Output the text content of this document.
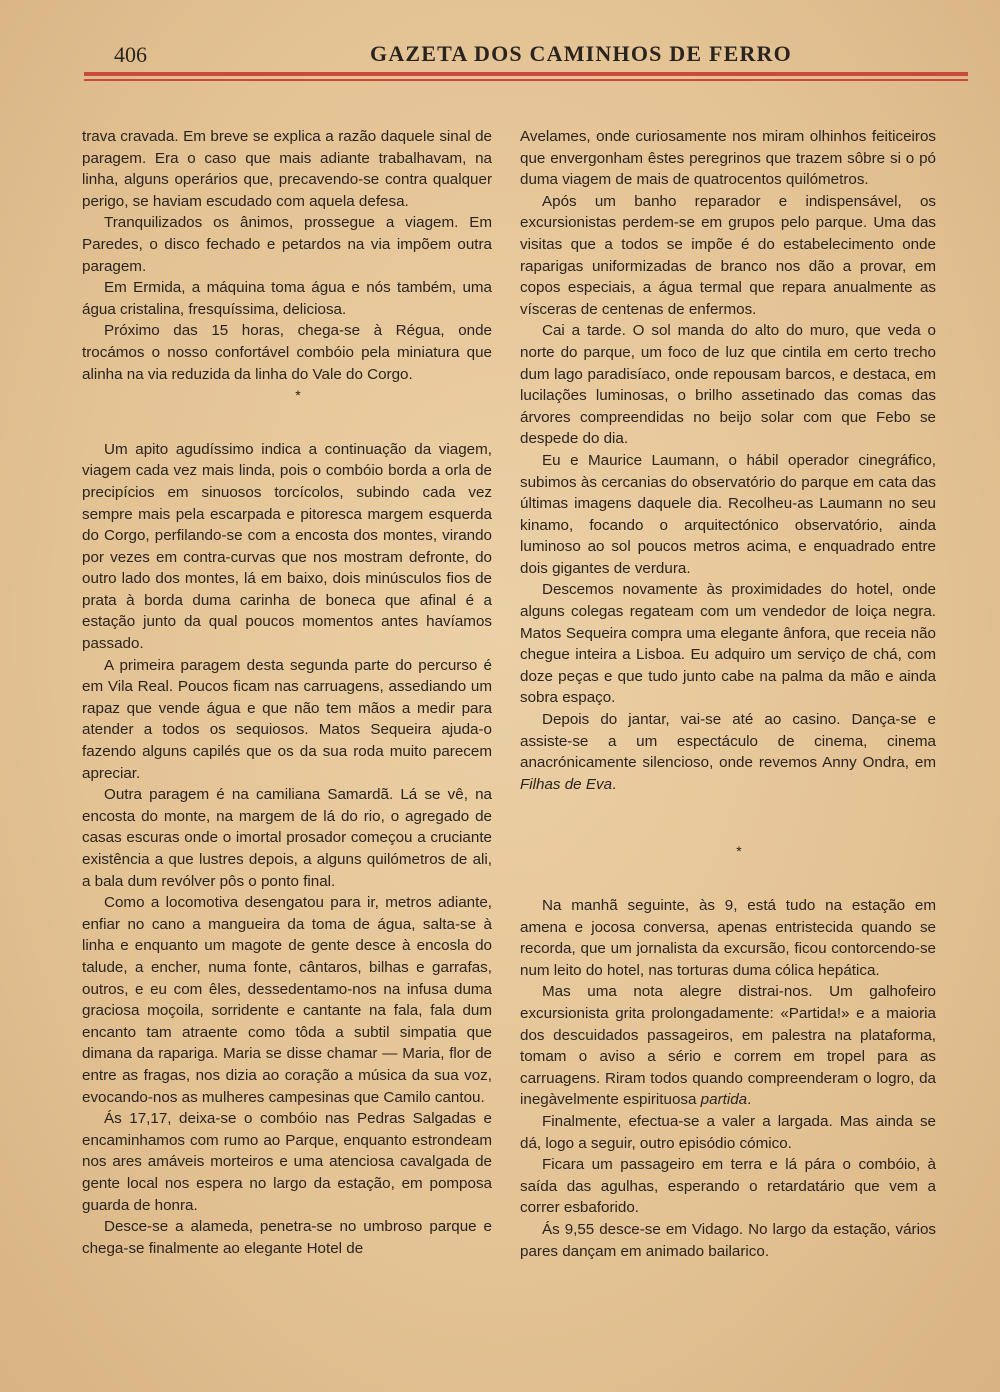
406	GAZETA DOS CAMINHOS DE FERRO

trava cravada. Em breve se explica a razão daquele sinal de paragem. Era o caso que mais adiante trabalhavam, na linha, alguns operários que, precavendo-se contra qualquer perigo, se haviam escudado com aquela defesa.

Tranquilizados os ânimos, prossegue a viagem. Em Paredes, o disco fechado e petardos na via impõem outra paragem.

Em Ermida, a máquina toma água e nós também, uma água cristalina, fresquíssima, deliciosa.

Próximo das 15 horas, chega-se à Régua, onde trocámos o nosso confortável combóio pela miniatura que alinha na via reduzida da linha do Vale do Corgo.

*

Um apito agudíssimo indica a continuação da viagem, viagem cada vez mais linda, pois o combóio borda a orla de precipícios em sinuosos torcícolos, subindo cada vez sempre mais pela escarpada e pitoresca margem esquerda do Corgo, perfilando-se com a encosta dos montes, virando por vezes em contra-curvas que nos mostram defronte, do outro lado dos montes, lá em baixo, dois minúsculos fios de prata à borda duma carinha de boneca que afinal é a estação junto da qual poucos momentos antes havíamos passado.

A primeira paragem desta segunda parte do percurso é em Vila Real. Poucos ficam nas carruagens, assediando um rapaz que vende água e que não tem mãos a medir para atender a todos os sequiosos. Matos Sequeira ajuda-o fazendo alguns capilés que os da sua roda muito parecem apreciar.

Outra paragem é na camiliana Samardã. Lá se vê, na encosta do monte, na margem de lá do rio, o agregado de casas escuras onde o imortal prosador começou a cruciante existência a que lustres depois, a alguns quilómetros de ali, a bala dum revólver pôs o ponto final.

Como a locomotiva desengatou para ir, metros adiante, enfiar no cano a mangueira da toma de água, salta-se à linha e enquanto um magote de gente desce à encosla do talude, a encher, numa fonte, cântaros, bilhas e garrafas, outros, e eu com êles, dessedentamo-nos na infusa duma graciosa moçoila, sorridente e cantante na fala, fala dum encanto tam atraente como tôda a subtil simpatia que dimana da rapariga. Maria se disse chamar — Maria, flor de entre as fragas, nos dizia ao coração a música da sua voz, evocando-nos as mulheres campesinas que Camilo cantou.

Ás 17,17, deixa-se o combóio nas Pedras Salgadas e encaminhamos com rumo ao Parque, enquanto estrondeam nos ares amáveis morteiros e uma atenciosa cavalgada de gente local nos espera no largo da estação, em pomposa guarda de honra.

Desce-se a alameda, penetra-se no umbroso parque e chega-se finalmente ao elegante Hotel de

Avelames, onde curiosamente nos miram olhinhos feiticeiros que envergonham êstes peregrinos que trazem sôbre si o pó duma viagem de mais de quatrocentos quilómetros.

Após um banho reparador e indispensável, os excursionistas perdem-se em grupos pelo parque. Uma das visitas que a todos se impõe é do estabelecimento onde raparigas uniformizadas de branco nos dão a provar, em copos especiais, a água termal que repara anualmente as vísceras de centenas de enfermos.

Cai a tarde. O sol manda do alto do muro, que veda o norte do parque, um foco de luz que cintila em certo trecho dum lago paradisíaco, onde repousam barcos, e destaca, em lucilações luminosas, o brilho assetinado das comas das árvores compreendidas no beijo solar com que Febo se despede do dia.

Eu e Maurice Laumann, o hábil operador cinegráfico, subimos às cercanias do observatório do parque em cata das últimas imagens daquele dia. Recolheu-as Laumann no seu kinamo, focando o arquitectónico observatório, ainda luminoso ao sol poucos metros acima, e enquadrado entre dois gigantes de verdura.

Descemos novamente às proximidades do hotel, onde alguns colegas regateam com um vendedor de loiça negra. Matos Sequeira compra uma elegante ânfora, que receia não chegue inteira a Lisboa. Eu adquiro um serviço de chá, com doze peças e que tudo junto cabe na palma da mão e ainda sobra espaço.

Depois do jantar, vai-se até ao casino. Dança-se e assiste-se a um espectáculo de cinema, cinema anacrónicamente silencioso, onde revemos Anny Ondra, em Filhas de Eva.

*

Na manhã seguinte, às 9, está tudo na estação em amena e jocosa conversa, apenas entristecida quando se recorda, que um jornalista da excursão, ficou contorcendo-se num leito do hotel, nas torturas duma cólica hepática.

Mas uma nota alegre distrai-nos. Um galhofeiro excursionista grita prolongadamente: «Partida!» e a maioria dos descuidados passageiros, em palestra na plataforma, tomam o aviso a sério e correm em tropel para as carruagens. Riram todos quando compreenderam o logro, da inegàvelmente espirituosa partida.

Finalmente, efectua-se a valer a largada. Mas ainda se dá, logo a seguir, outro episódio cómico.

Ficara um passageiro em terra e lá pára o combóio, à saída das agulhas, esperando o retardatário que vem a correr esbaforido.

Ás 9,55 desce-se em Vidago. No largo da estação, vários pares dançam em animado bailarico.
